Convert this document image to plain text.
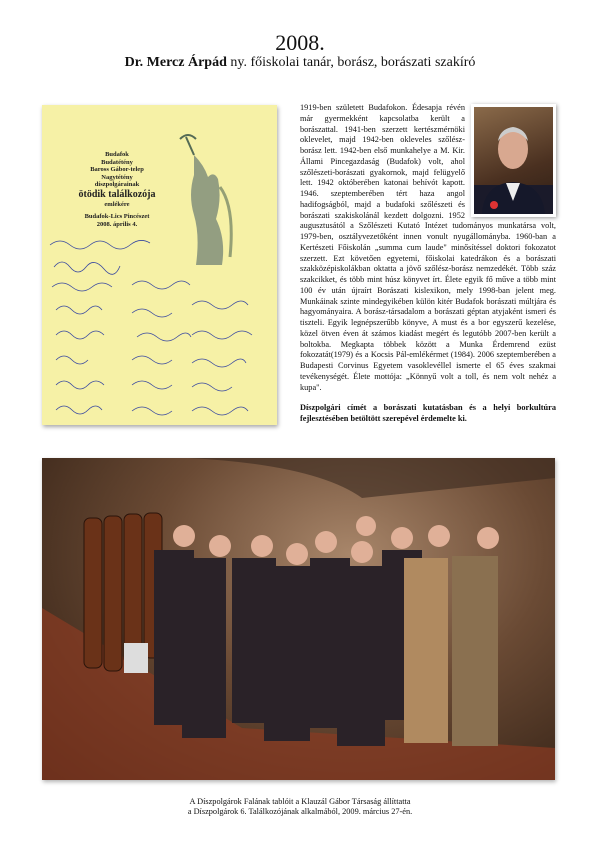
2008.
Dr. Mercz Árpád ny. főiskolai tanár, borász, borászati szakíró
Budafok
Budatétény
Baross Gábor-telep
Nagytétény
díszpolgárainak
ötödik találkozója
emlékére
Budafok-Lics Pincészet
2008. április 4.
1919-ben született Budafokon. Édesapja révén már gyermekként kapcsolatba került a borászattal. 1941-ben szerzett kertészmérnöki oklevelet, majd 1942-ben okleveles szőlész-borász lett. 1942-ben első munkahelye a M. Kir. Állami Pincegazdaság (Budafok) volt, ahol szőlészeti-borászati gyakornok, majd felügyelő lett. 1942 októberében katonai behívót kapott. 1946. szeptemberében tért haza angol hadifogságból, majd a budafoki szőlészeti és borászati szakiskolánál kezdett dolgozni. 1952 augusztusától a Szőlészeti Kutató Intézet tudományos munkatársa volt, 1979-ben, osztályvezetőként innen vonult nyugállományba. 1960-ban a Kertészeti Főiskolán „summa cum laude" minősítéssel doktori fokozatot szerzett. Ezt követően egyetemi, főiskolai katedrákon és a borászati szakközépiskolákban oktatta a jövő szőlész-borász nemzedékét. Több száz szakcikket, és több mint húsz könyvet írt. Élete egyik fő műve a több mint 100 év után újraírt Borászati kislexikon, mely 1998-ban jelent meg. Munkáinak szinte mindegyikében külön kitér Budafok borászati múltjára és hagyományaira. A borász-társadalom a borászati géptan atyjaként ismeri és tiszteli. Egyik legnépszerűbb könyve, A must és a bor egyszerű kezelése, közel ötven éven át számos kiadást megért és legutóbb 2007-ben került a boltokba. Megkapta többek között a Munka Érdemrend ezüst fokozatát(1979) és a Kocsis Pál-emlékérmet (1984). 2006 szeptemberében a Budapesti Corvinus Egyetem vasoklevéllel ismerte el 65 éves szakmai tevékenységét. Élete mottója: „Könnyű volt a toll, és nem volt nehéz a kupa".
Díszpolgári címét a borászati kutatásban és a helyi borkultúra fejlesztésében betöltött szerepével érdemelte ki.
A Díszpolgárok Falának tablóit a Klauzál Gábor Társaság állíttatta
a Díszpolgárok 6. Találkozójának alkalmából, 2009. március 27-én.
